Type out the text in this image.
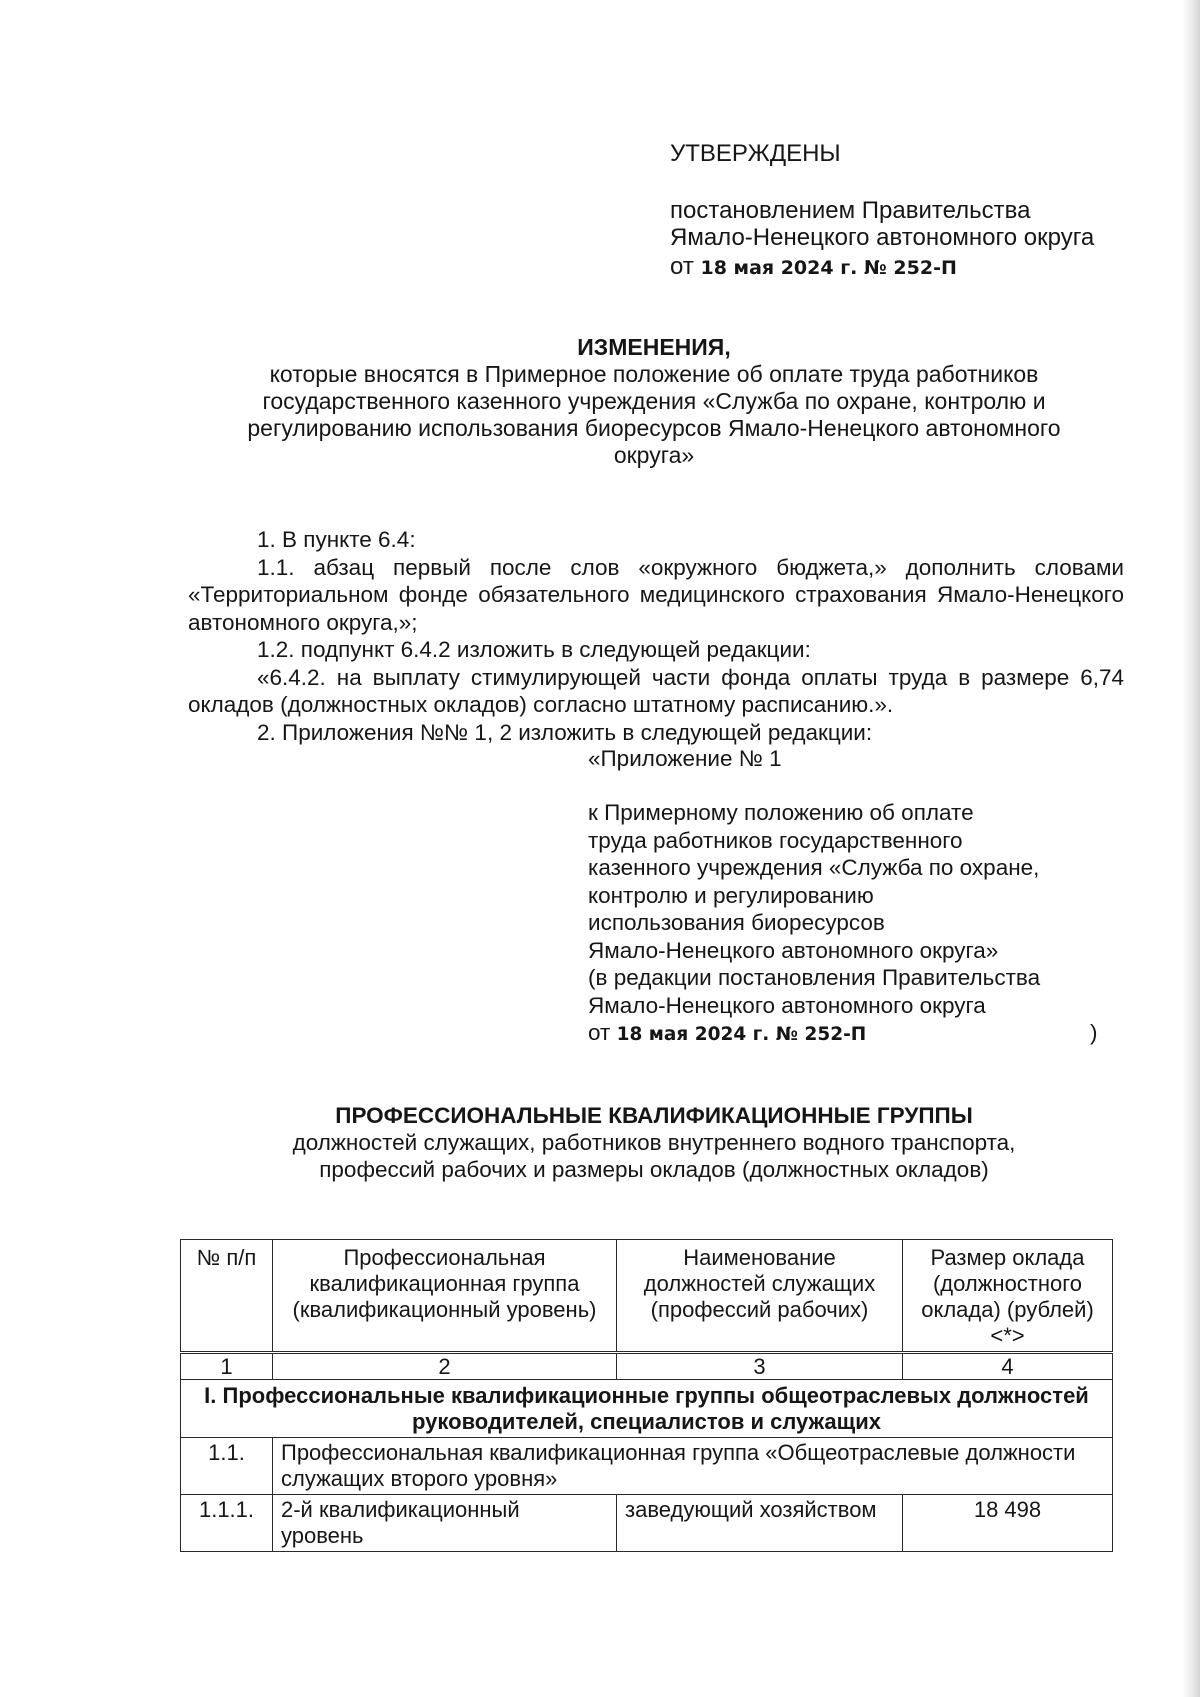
УТВЕРЖДЕНЫ
постановлением Правительства
Ямало-Ненецкого автономного округа
от 18 мая 2024 г. № 252-П
ИЗМЕНЕНИЯ,
которые вносятся в Примерное положение об оплате труда работников
государственного казенного учреждения «Служба по охране, контролю и
регулированию использования биоресурсов Ямало-Ненецкого автономного
округа»
1. В пункте 6.4:
1.1. абзац первый после слов «окружного бюджета,» дополнить словами «Территориальном фонде обязательного медицинского страхования Ямало-Ненецкого автономного округа,»;
1.2. подпункт 6.4.2 изложить в следующей редакции:
«6.4.2. на выплату стимулирующей части фонда оплаты труда в размере 6,74 окладов (должностных окладов) согласно штатному расписанию.».
2. Приложения №№ 1, 2 изложить в следующей редакции:
«Приложение № 1
к Примерному положению об оплате
труда работников государственного
казенного учреждения «Служба по охране,
контролю и регулированию
использования биоресурсов
Ямало-Ненецкого автономного округа»
(в редакции постановления Правительства
Ямало-Ненецкого автономного округа
от 18 мая 2024 г. № 252-П	)
ПРОФЕССИОНАЛЬНЫЕ КВАЛИФИКАЦИОННЫЕ ГРУППЫ
должностей служащих, работников внутреннего водного транспорта,
профессий рабочих и размеры окладов (должностных окладов)
№ п/п	Профессиональная квалификационная группа (квалификационный уровень)	Наименование должностей служащих (профессий рабочих)	Размер оклада (должностного оклада) (рублей) <*>
1	2	3	4
I. Профессиональные квалификационные группы общеотраслевых должностей руководителей, специалистов и служащих			
1.1.	Профессиональная квалификационная группа «Общеотраслевые должности служащих второго уровня»		
1.1.1.	2-й квалификационный уровень	заведующий хозяйством	18 498
